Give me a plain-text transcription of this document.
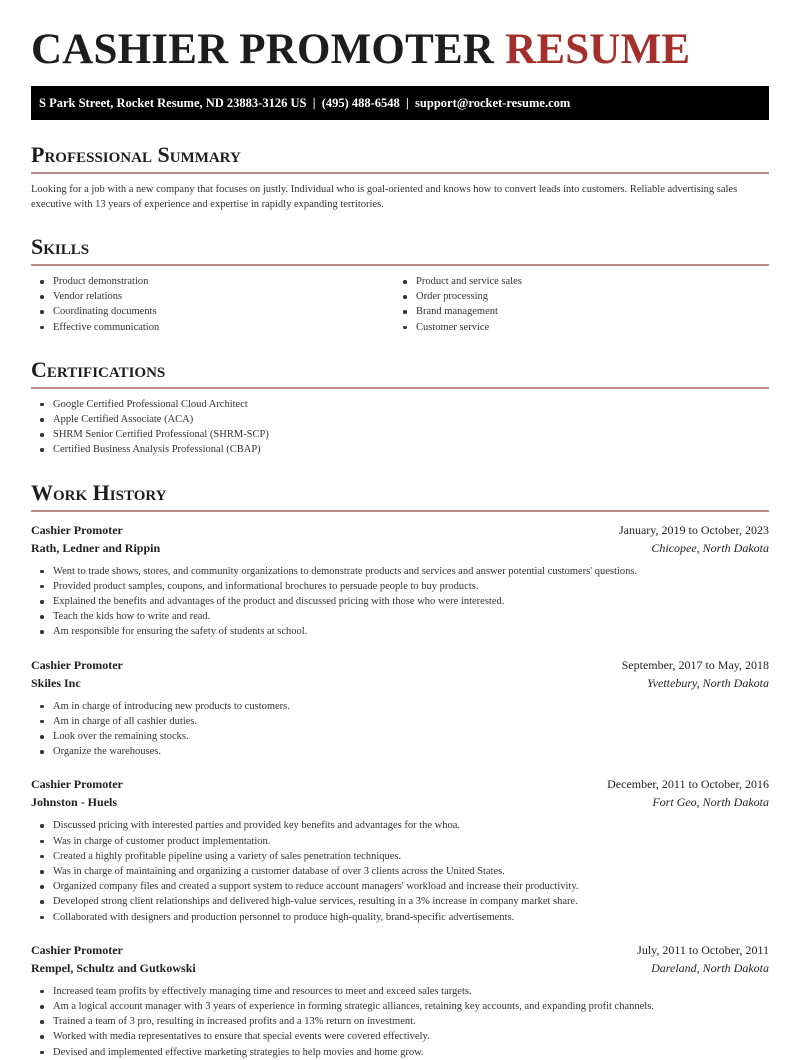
CASHIER PROMOTER RESUME
S Park Street, Rocket Resume, ND 23883-3126 US  |  (495) 488-6548  |  support@rocket-resume.com
Professional Summary

Looking for a job with a new company that focuses on justly. Individual who is goal-oriented and knows how to convert leads into customers. Reliable advertising sales executive with 13 years of experience and expertise in rapidly expanding territories.

Skills
Product demonstration
Vendor relations
Coordinating documents
Effective communication
Product and service sales
Order processing
Brand management
Customer service
Certifications
Google Certified Professional Cloud Architect
Apple Certified Associate (ACA)
SHRM Senior Certified Professional (SHRM-SCP)
Certified Business Analysis Professional (CBAP)
Work History
Cashier Promoter	January, 2019 to October, 2023
Rath, Ledner and Rippin	Chicopee, North Dakota
Went to trade shows, stores, and community organizations to demonstrate products and services and answer potential customers' questions.
Provided product samples, coupons, and informational brochures to persuade people to buy products.
Explained the benefits and advantages of the product and discussed pricing with those who were interested.
Teach the kids how to write and read.
Am responsible for ensuring the safety of students at school.
Cashier Promoter	September, 2017 to May, 2018
Skiles Inc	Yvettebury, North Dakota
Am in charge of introducing new products to customers.
Am in charge of all cashier duties.
Look over the remaining stocks.
Organize the warehouses.
Cashier Promoter	December, 2011 to October, 2016
Johnston - Huels	Fort Geo, North Dakota
Discussed pricing with interested parties and provided key benefits and advantages for the whoa.
Was in charge of customer product implementation.
Created a highly profitable pipeline using a variety of sales penetration techniques.
Was in charge of maintaining and organizing a customer database of over 3 clients across the United States.
Organized company files and created a support system to reduce account managers' workload and increase their productivity.
Developed strong client relationships and delivered high-value services, resulting in a 3% increase in company market share.
Collaborated with designers and production personnel to produce high-quality, brand-specific advertisements.
Cashier Promoter	July, 2011 to October, 2011
Rempel, Schultz and Gutkowski	Dareland, North Dakota
Increased team profits by effectively managing time and resources to meet and exceed sales targets.
Am a logical account manager with 3 years of experience in forming strategic alliances, retaining key accounts, and expanding profit channels.
Trained a team of 3 pro, resulting in increased profits and a 13% return on investment.
Worked with media representatives to ensure that special events were covered effectively.
Devised and implemented effective marketing strategies to help movies and home grow.
